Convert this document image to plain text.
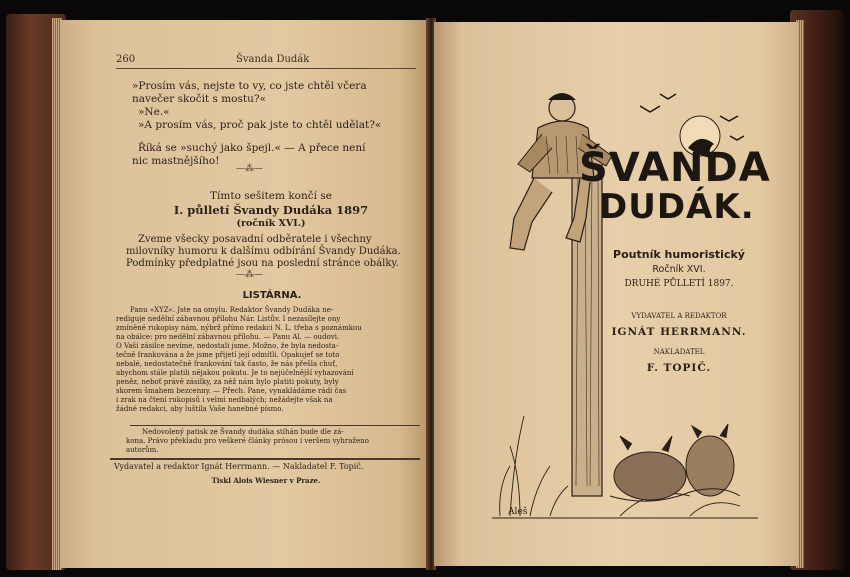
260	Švanda Dudák
»Prosím vás, nejste to vy, co jste chtěl včera
navečer skočit s mostu?«
»Ne.«
»A prosím vás, proč pak jste to chtěl udělat?«
Říká se »suchý jako špejl.« — A přece není
nic mastnějšího!
—⁂—
Tímto sešitem končí se
I. půlletí Švandy Dudáka 1897
(ročník XVI.)
Zveme všecky posavadní odběratele i všechny
milovníky humoru k dalšímu odbírání Švandy Dudáka.
Podmínky předplatné jsou na poslední stránce obálky.
—⁂—
LISTÁRNA.
Panu »XYZ«. Jste na omylu. Redaktor Švandy Dudáka ne-
rediguje nedělní zábavnou přílohu Nár. Listův. I nezasílejte ony
zmíněné rukopisy nám, nýbrž přímo redakci N. L. třeba s poznámkou
na obálce: pro nedělní zábavnou přílohu. — Panu Al. — oudovi.
O Vaší zásilce nevíme, nedostali jsme. Možno, že byla nedosta-
tečně frankována a že jsme přijetí její odmítli. Opakujeť se toto
nebalé, nedostatečně frankování tak často, že nás přešla chuť,
abychom stále platili nějakou pokutu. Je to nejúčelnější vyhazování
peněz, neboť právě zásilky, za něž nám bylo platiti pokuty, byly
skorem šmahem bezcenny. — Přech. Pane, vynakládáme rádi čas
i zrak na čtení rukopisů i velmi nedbalých; nežádejte však na
žádné redakci, aby luštila Vaše hanebné písmo.
Nedovolený patisk ze Švandy dudáka stíhán bude dle zá-
kona. Právo překladu pro veškeré články prósou i veršem vyhraženo
autorům.
Vydavatel a redaktor Ignát Herrmann. — Nakladatel F. Topič.
Tiskl Alois Wiesner v Praze.
Aleš
ŠVANDA
DUDÁK.
Poutník humoristický
Ročník XVI.
DRUHÉ PŮLLETÍ 1897.
VYDAVATEL A REDAKTOR
IGNÁT HERRMANN.
NAKLADATEL
F. TOPIČ.
